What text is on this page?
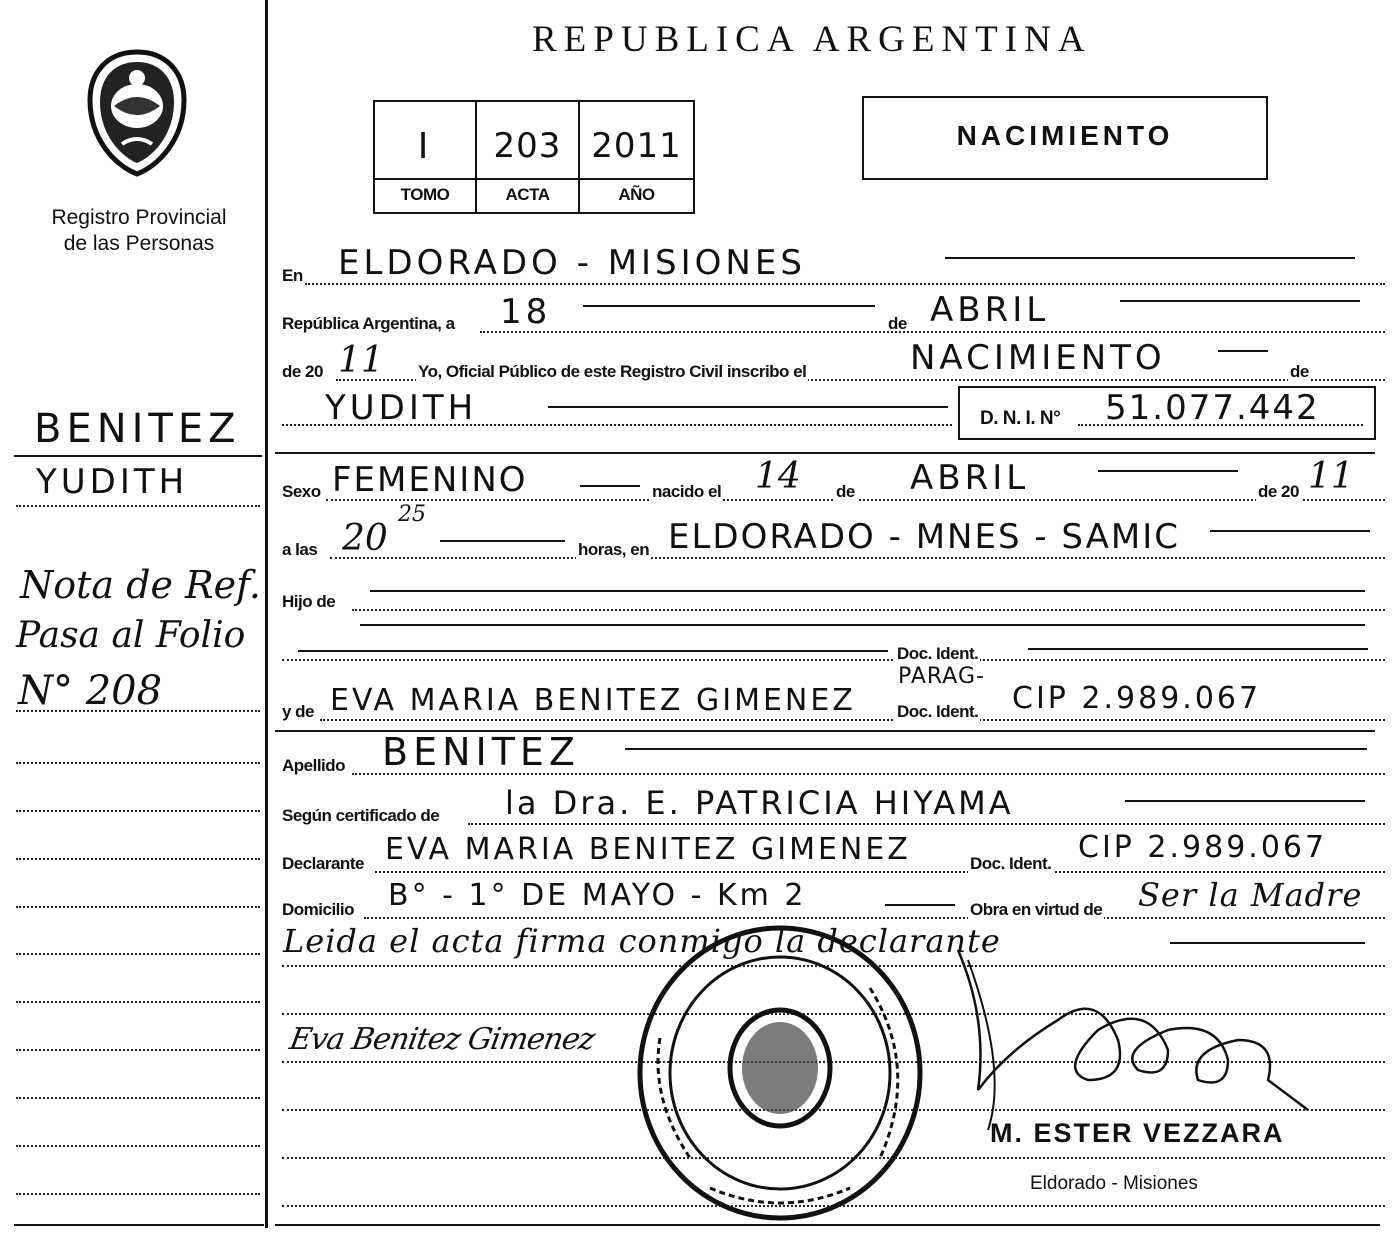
Registro Provincial
de las Personas
BENITEZ
YUDITH
Nota de Ref.
Pasa al Folio
N° 208
REPUBLICA ARGENTINA
I	203 2011
TOMO	ACTA	AÑO
NACIMIENTO
En ELDORADO - MISIONES
República Argentina, a 18	de ABRIL
de 20 11 Yo, Oficial Público de este Registro Civil inscribo el	NACIMIENTO	de
YUDITH	D. N. I. N° 51.077.442
Sexo FEMENINO	nacido el 14 de ABRIL	de 20 11
a las 20
25
horas, en ELDORADO - MNES - SAMIC
Hijo de
Doc. Ident.
y de EVA MARIA BENITEZ GIMENEZ
PARAG-
Doc. Ident. CIP 2.989.067
Apellido BENITEZ
Según certificado de la Dra. E. PATRICIA HIYAMA
Declarante EVA MARIA BENITEZ GIMENEZ	Doc. Ident. CIP 2.989.067
Domicilio B° - 1° DE MAYO - Km 2	Obra en virtud de Ser la Madre
Leida el acta firma conmigo la declarante
Eva Benitez Gimenez
M. ESTER VEZZARA
Eldorado - Misiones
